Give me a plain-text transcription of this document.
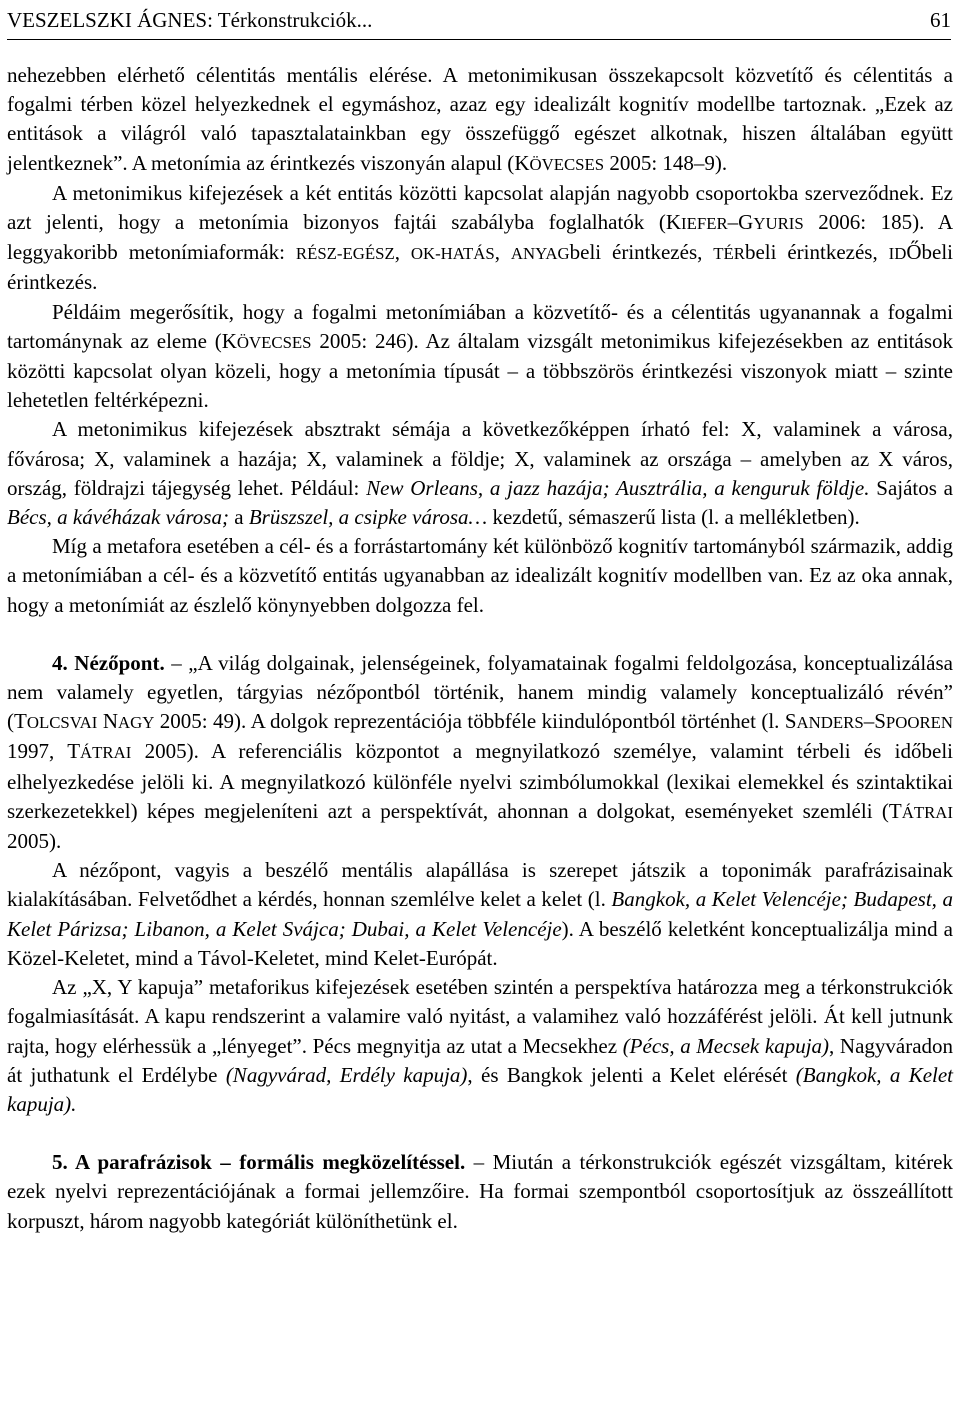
VESZELSZKI ÁGNES: Térkonstrukciók...	61

nehezebben elérhető célentitás mentális elérése. A metonimikusan összekapcsolt közvetítő és célentitás a fogalmi térben közel helyezkednek el egymáshoz, azaz egy idealizált kognitív modellbe tartoznak. „Ezek az entitások a világról való tapasztalatainkban egy összefüggő egészet alkotnak, hiszen általában együtt jelentkeznek”. A metonímia az érintkezés viszonyán alapul (KÖVECSES 2005: 148–9).

A metonimikus kifejezések a két entitás közötti kapcsolat alapján nagyobb csoportokba szerveződnek. Ez azt jelenti, hogy a metonímia bizonyos fajtái szabályba foglalhatók (KIEFER–GYURIS 2006: 185). A leggyakoribb metonímiaformák: RÉSZ-EGÉSZ, OK-HATÁS, ANYAGbeli érintkezés, TÉRbeli érintkezés, IDŐbeli érintkezés.

Példáim megerősítik, hogy a fogalmi metonímiában a közvetítő- és a célentitás ugyanannak a fogalmi tartománynak az eleme (KÖVECSES 2005: 246). Az általam vizsgált metonimikus kifejezésekben az entitások közötti kapcsolat olyan közeli, hogy a metonímia típusát – a többszörös érintkezési viszonyok miatt – szinte lehetetlen feltérképezni.

A metonimikus kifejezések absztrakt sémája a következőképpen írható fel: X, valaminek a városa, fővárosa; X, valaminek a hazája; X, valaminek a földje; X, valaminek az országa – amelyben az X város, ország, földrajzi tájegység lehet. Például: New Orleans, a jazz hazája; Ausztrália, a kenguruk földje. Sajátos a Bécs, a kávéházak városa; a Brüszszel, a csipke városa… kezdetű, sémaszerű lista (l. a mellékletben).

Míg a metafora esetében a cél- és a forrástartomány két különböző kognitív tartományból származik, addig a metonímiában a cél- és a közvetítő entitás ugyanabban az idealizált kognitív modellben van. Ez az oka annak, hogy a metonímiát az észlelő könynyebben dolgozza fel.

4. Nézőpont. – „A világ dolgainak, jelenségeinek, folyamatainak fogalmi feldolgozása, konceptualizálása nem valamely egyetlen, tárgyias nézőpontból történik, hanem mindig valamely konceptualizáló révén” (TOLCSVAI NAGY 2005: 49). A dolgok reprezentációja többféle kiindulópontból történhet (l. SANDERS–SPOOREN 1997, TÁTRAI 2005). A referenciális központot a megnyilatkozó személye, valamint térbeli és időbeli elhelyezkedése jelöli ki. A megnyilatkozó különféle nyelvi szimbólumokkal (lexikai elemekkel és szintaktikai szerkezetekkel) képes megjeleníteni azt a perspektívát, ahonnan a dolgokat, eseményeket szemléli (TÁTRAI 2005).

A nézőpont, vagyis a beszélő mentális alapállása is szerepet játszik a toponimák parafrázisainak kialakításában. Felvetődhet a kérdés, honnan szemlélve kelet a kelet (l. Bangkok, a Kelet Velencéje; Budapest, a Kelet Párizsa; Libanon, a Kelet Svájca; Dubai, a Kelet Velencéje). A beszélő keletként konceptualizálja mind a Közel-Keletet, mind a Távol-Keletet, mind Kelet-Európát.

Az „X, Y kapuja” metaforikus kifejezések esetében szintén a perspektíva határozza meg a térkonstrukciók fogalmiasítását. A kapu rendszerint a valamire való nyitást, a valamihez való hozzáférést jelöli. Át kell jutnunk rajta, hogy elérhessük a „lényeget”. Pécs megnyitja az utat a Mecsekhez (Pécs, a Mecsek kapuja), Nagyváradon át juthatunk el Erdélybe (Nagyvárad, Erdély kapuja), és Bangkok jelenti a Kelet elérését (Bangkok, a Kelet kapuja).

5. A parafrázisok – formális megközelítéssel. – Miután a térkonstrukciók egészét vizsgáltam, kitérek ezek nyelvi reprezentációjának a formai jellemzőire. Ha formai szempontból csoportosítjuk az összeállított korpuszt, három nagyobb kategóriát különíthetünk el.
